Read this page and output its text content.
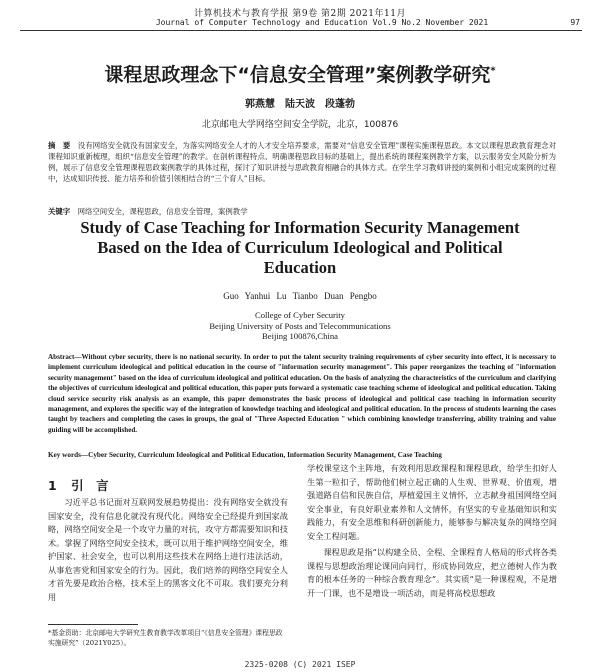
计算机技术与教育学报 第9卷 第2期 2021年11月
Journal of Computer Technology and Education Vol.9 No.2 November 2021	97
课程思政理念下“信息安全管理”案例教学研究*
郭燕慧　陆天波　段蓬勃
北京邮电大学网络空间安全学院，北京，100876
摘　要　 没有网络安全就没有国家安全，为落实网络安全人才的人才安全培养要求，需要对“信息安全管理”课程实施课程思政。本文以课程思政教育理念对课程知识重新梳理，组织“信息安全管理”的教学。在剖析课程特点、明确课程思政目标的基础上，提出系统的课程案例教学方案，以云服务安全风险分析为例，展示了信息安全管理课程思政案例教学的具体过程，探讨了知识讲授与思政教育相融合的具体方式。在学生学习教师讲授的案例和小组完成案例的过程中，达成知识传授、能力培养和价值引领相结合的“三个育人”目标。
关键字　 网络空间安全，课程思政，信息安全管理，案例教学
Study of Case Teaching for Information Security Management Based on the Idea of Curriculum Ideological and Political Education
Guo Yanhui Lu Tianbo Duan Pengbo
College of Cyber Security
Beijing University of Posts and Telecommunications
Beijing 100876,China
Abstract—Without cyber security, there is no national security. In order to put the talent security training requirements of cyber security into effect, it is necessary to implement curriculum ideological and political education in the course of "information security management". This paper reorganizes the teaching of "information security management" based on the idea of curriculum ideological and political education. On the basis of analyzing the characteristics of the curriculum and clarifying the objectives of curriculum ideological and political education, this paper puts forward a systematic case teaching scheme of ideological and political education. Taking cloud service security risk analysis as an example, this paper demonstrates the basic process of ideological and political case teaching in information security management, and explores the specific way of the integration of knowledge teaching and ideological and political education. In the process of students learning the cases taught by teachers and completing the cases in groups, the goal of "Three Aspected Education " which combining knowledge transferring, ability training and value guiding will be accomplished.
Key words—Cyber Security, Curriculum Ideological and Political Education, Information Security Management, Case Teaching
1 引　言

习近平总书记面对互联网发展趋势提出：没有网络安全就没有国家安全，没有信息化就没有现代化。网络安全已经提升到国家战略，网络空间安全是一个攻守力量的对抗，攻守方都需要知识和技术。掌握了网络空间安全技术，既可以用于维护网络空间安全，维护国家、社会安全，也可以利用这些技术在网络上进行违法活动，从事危害党和国家安全的行为。因此，我们培养的网络空间安全人才首先要是政治合格，技术至上的黑客文化不可取。我们要充分利用

学校课堂这个主阵地，有效利用思政课程和课程思政，给学生扣好人生第一粒扣子，帮助他们树立起正确的人生观、世界观、价值观，增强道路自信和民族自信，厚植爱国主义情怀，立志献身祖国网络空间安全事业，有良好职业素养和人文情怀，有坚实的专业基础知识和实践能力，有安全思维和科研创新能力，能够参与解决复杂的网络空间安全工程问题。

课程思政是指“以构建全员、全程、全课程育人格局的形式将各类课程与思想政治理论课同向同行，形成协同效应，把立德树人作为教育的根本任务的一种综合教育理念”。其实质“是一种课程观，不是增开一门课，也不是增设一项活动，而是将高校思想政

*基金资助：北京邮电大学研究生教育教学改革项目“《信息安全管理》课程思政实施研究”（2021Y025）。
2325-0208 (C) 2021 ISEP
